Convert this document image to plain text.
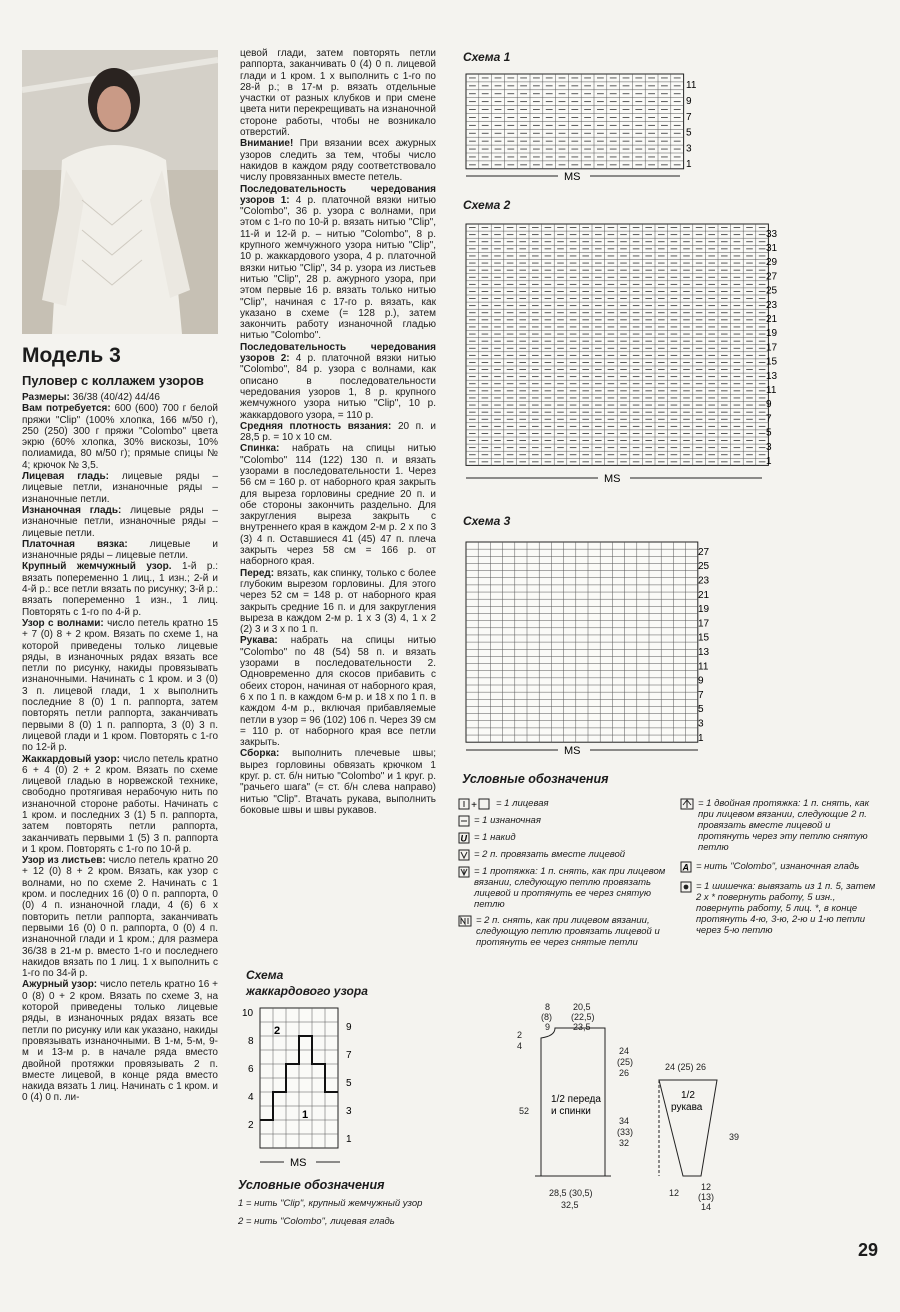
Модель 3
Пуловер с коллажем узоров

Размеры: 36/38 (40/42) 44/46

Вам потребуется: 600 (600) 700 г белой пряжи "Clip" (100% хлопка, 166 м/50 г), 250 (250) 300 г пряжи "Colombo" цвета экрю (60% хлопка, 30% вискозы, 10% полиамида, 80 м/50 г); прямые спицы № 4; крючок № 3,5.

Лицевая гладь: лицевые ряды – лицевые петли, изнаночные ряды – изнаночные петли.

Изнаночная гладь: лицевые ряды – изнаночные петли, изнаночные ряды – лицевые петли.

Платочная вязка: лицевые и изнаночные ряды – лицевые петли.

Крупный жемчужный узор. 1-й р.: вязать попеременно 1 лиц., 1 изн.; 2-й и 4-й р.: все петли вязать по рисунку; 3-й р.: вязать попеременно 1 изн., 1 лиц. Повторять с 1-го по 4-й р.

Узор с волнами: число петель кратно 15 + 7 (0) 8 + 2 кром. Вязать по схеме 1, на которой приведены только лицевые ряды, в изнаночных рядах вязать все петли по рисунку, накиды провязывать изнаночными. Начинать с 1 кром. и 3 (0) 3 п. лицевой глади, 1 х выполнить последние 8 (0) 1 п. раппорта, затем повторять петли раппорта, заканчивать первыми 8 (0) 1 п. раппорта, 3 (0) 3 п. лицевой глади и 1 кром. Повторять с 1-го по 12-й р.

Жаккардовый узор: число петель кратно 6 + 4 (0) 2 + 2 кром. Вязать по схеме лицевой гладью в норвежской технике, свободно протягивая нерабочую нить по изнаночной стороне работы. Начинать с 1 кром. и последних 3 (1) 5 п. раппорта, затем повторять петли раппорта, заканчивать первыми 1 (5) 3 п. раппорта и 1 кром. Повторять с 1-го по 10-й р.

Узор из листьев: число петель кратно 20 + 12 (0) 8 + 2 кром. Вязать, как узор с волнами, но по схеме 2. Начинать с 1 кром. и последних 16 (0) 0 п. раппорта, 0 (0) 4 п. изнаночной глади, 4 (6) 6 х повторить петли раппорта, заканчивать первыми 16 (0) 0 п. раппорта, 0 (0) 4 п. изнаночной глади и 1 кром.; для размера 36/38 в 21-м р. вместо 1-го и последнего накидов вязать по 1 лиц. 1 х выполнить с 1-го по 34-й р.

Ажурный узор: число петель кратно 16 + 0 (8) 0 + 2 кром. Вязать по схеме 3, на которой приведены только лицевые ряды, в изнаночных рядах вязать все петли по рисунку или как указано, накиды провязывать изнаночными. В 1-м, 5-м, 9-м и 13-м р. в начале ряда вместо двойной протяжки провязывать 2 п. вместе лицевой, в конце ряда вместо накида вязать 1 лиц. Начинать с 1 кром. и 0 (4) 0 п. ли-

цевой глади, затем повторять петли раппорта, заканчивать 0 (4) 0 п. лицевой глади и 1 кром. 1 х выполнить с 1-го по 28-й р.; в 17-м р. вязать отдельные участки от разных клубков и при смене цвета нити перекрещивать на изнаночной стороне работы, чтобы не возникало отверстий.

Внимание! При вязании всех ажурных узоров следить за тем, чтобы число накидов в каждом ряду соответствовало числу провязанных вместе петель.

Последовательность чередования узоров 1: 4 р. платочной вязки нитью "Colombo", 36 р. узора с волнами, при этом с 1-го по 10-й р. вязать нитью "Clip", 11-й и 12-й р. – нитью "Colombo", 8 р. крупного жемчужного узора нитью "Clip", 10 р. жаккардового узора, 4 р. платочной вязки нитью "Clip", 34 р. узора из листьев нитью "Clip", 28 р. ажурного узора, при этом первые 16 р. вязать только нитью "Clip", начиная с 17-го р. вязать, как указано в схеме (= 128 р.), затем закончить работу изнаночной гладью нитью "Colombo".

Последовательность чередования узоров 2: 4 р. платочной вязки нитью "Colombo", 84 р. узора с волнами, как описано в последовательности чередования узоров 1, 8 р. крупного жемчужного узора нитью "Clip", 10 р. жаккардового узора, = 110 р.

Средняя плотность вязания: 20 п. и 28,5 р. = 10 х 10 см.

Спинка: набрать на спицы нитью "Colombo" 114 (122) 130 п. и вязать узорами в последовательности 1. Через 56 см = 160 р. от наборного края закрыть для выреза горловины средние 20 п. и обе стороны закончить раздельно. Для закругления выреза закрыть с внутреннего края в каждом 2-м р. 2 х по 3 (3) 4 п. Оставшиеся 41 (45) 47 п. плеча закрыть через 58 см = 166 р. от наборного края.

Перед: вязать, как спинку, только с более глубоким вырезом горловины. Для этого через 52 см = 148 р. от наборного края закрыть средние 16 п. и для закругления выреза в каждом 2-м р. 1 х 3 (3) 4, 1 х 2 (2) 3 и 3 х по 1 п.

Рукава: набрать на спицы нитью "Colombo" по 48 (54) 58 п. и вязать узорами в последовательности 2. Одновременно для скосов прибавить с обеих сторон, начиная от наборного края, 6 х по 1 п. в каждом 6-м р. и 18 х по 1 п. в каждом 4-м р., включая прибавляемые петли в узор = 96 (102) 106 п. Через 39 см = 110 р. от наборного края все петли закрыть.

Сборка: выполнить плечевые швы; вырез горловины обвязать крючком 1 круг. р. ст. б/н нитью "Colombo" и 1 круг. р. "рачьего шага" (= ст. б/н слева направо) нитью "Clip". Втачать рукава, выполнить боковые швы и швы рукавов.

Схема
жаккардового узора
10
8
6
4
2
9
7
5
3
1
2
1
MS
Условные обозначения
1 = нить "Clip", крупный жемчужный узор
2 = нить "Colombo", лицевая гладь
Схема 1
11
9
7
5
3
1
MS
Схема 2
33
31
29
27
25
23
21
19
17
15
13
11
9
7
5
3
1
MS
Схема 3
27
25
23
21
19
17
15
13
11
9
7
5
3
1
MS
Условные обозначения
+ = 1 лицевая
= 1 изнаночная
U = 1 накид
= 2 п. провязать вместе лицевой
= 1 протяжка: 1 п. снять, как при лицевом вязании, следующую петлю провязать лицевой и протянуть ее через снятую петлю
= 2 п. снять, как при лицевом вязании, следующую петлю провязать лицевой и протянуть ее через снятые петли
= 1 двойная протяжка: 1 п. снять, как при лицевом вязании, следующие 2 п. провязать вместе лицевой и протянуть через эту петлю снятую петлю
A = нить "Colombo", изнаночная гладь
= 1 шишечка: вывязать из 1 п. 5, затем 2 х * повернуть работу, 5 изн., повернуть работу, 5 лиц. *, в конце протянуть 4-ю, 3-ю, 2-ю и 1-ю петли через 5-ю петлю
8
(8)
9
20,5
(22,5)
23,5
2
4	24
(25)
26
52
34
(33)
32
28,5 (30,5)
32,5
24 (25) 26
39
12
12
(13)
14
1/2 переда и спинки
1/2 рукава
29
